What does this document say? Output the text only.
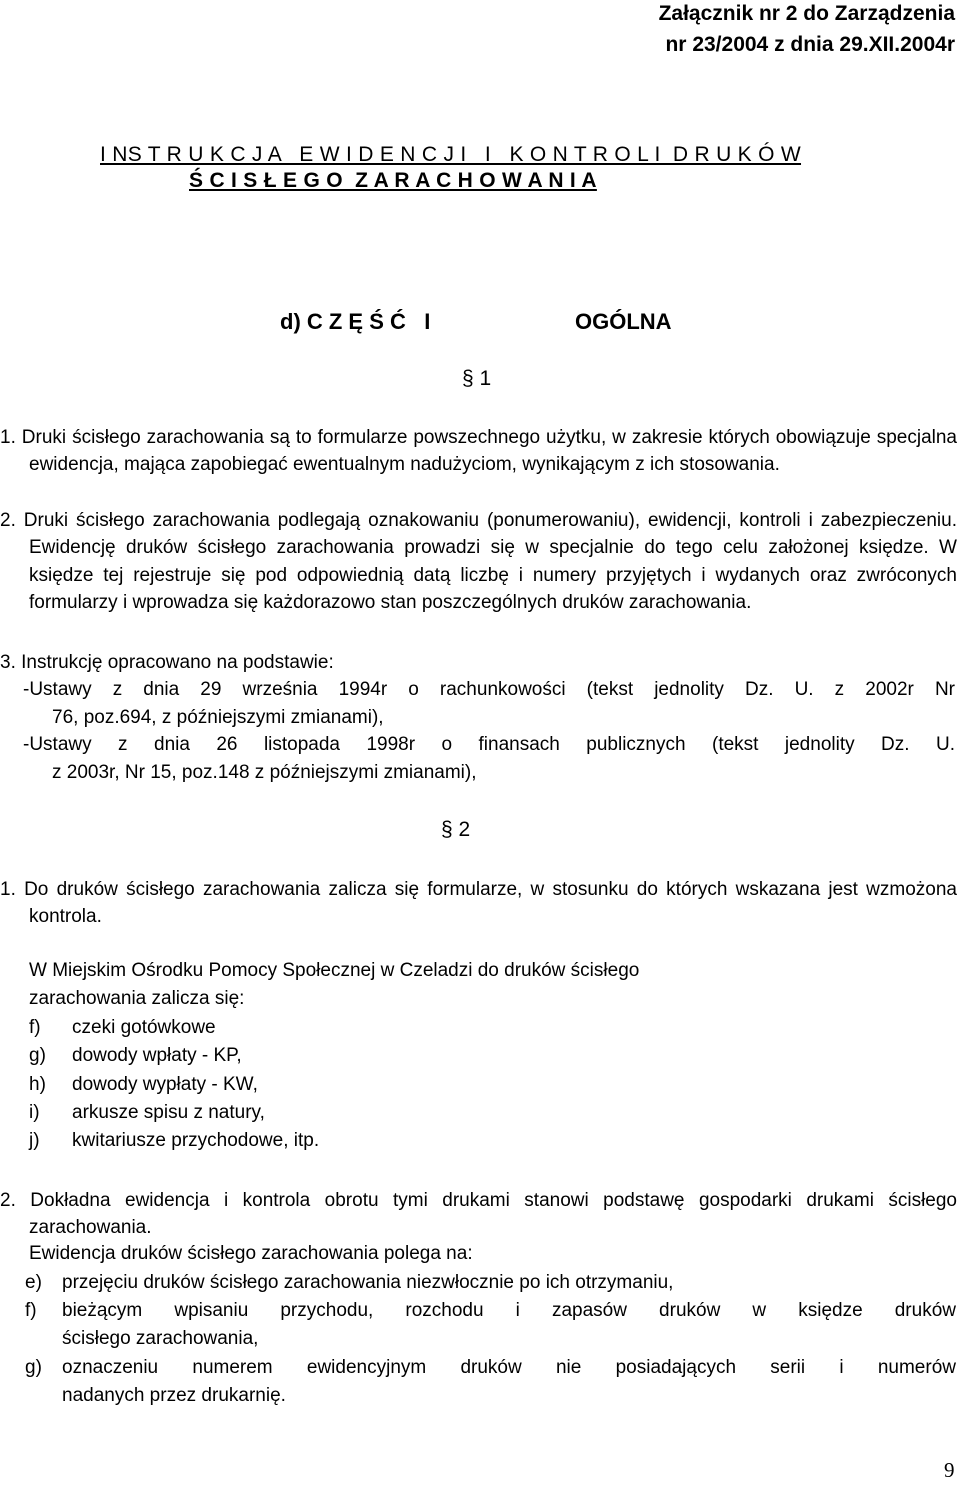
Załącznik nr 2 do Zarządzenia
nr 23/2004 z dnia 29.XII.2004r
I NS T R U K C J A   E W I D E N C J I   I   K O N T R O L I  D R U K Ó W
Ś C I S Ł E G O  Z A R A C H O W A N I A
d) C Z Ę Ś Ć   I	OGÓLNA
§ 1
1. Druki ścisłego zarachowania są to formularze powszechnego użytku, w zakresie których obowiązuje specjalna ewidencja, mająca zapobiegać ewentualnym nadużyciom, wynikającym z ich stosowania.
2. Druki ścisłego zarachowania podlegają oznakowaniu (ponumerowaniu), ewidencji, kontroli i zabezpieczeniu. Ewidencję druków ścisłego zarachowania prowadzi się w specjalnie do tego celu założonej księdze. W księdze tej rejestruje się pod odpowiednią datą liczbę i numery przyjętych i wydanych oraz zwróconych formularzy i wprowadza się każdorazowo stan poszczególnych druków zarachowania.
3. Instrukcję opracowano na podstawie:
-Ustawy z dnia 29 września 1994r o rachunkowości (tekst jednolity Dz. U. z 2002r Nr
76, poz.694, z późniejszymi zmianami),
-Ustawy z dnia 26 listopada 1998r o finansach publicznych (tekst jednolity Dz. U.
z 2003r, Nr 15, poz.148 z późniejszymi zmianami),
§ 2
1. Do druków ścisłego zarachowania zalicza się formularze, w stosunku do których wskazana jest wzmożona kontrola.
W Miejskim Ośrodku Pomocy Społecznej w Czeladzi do druków ścisłego
zarachowania zalicza się:
f) czeki gotówkowe
g) dowody wpłaty - KP,
h) dowody wypłaty - KW,
i) arkusze spisu z natury,
j) kwitariusze przychodowe, itp.
2. Dokładna ewidencja i kontrola obrotu tymi drukami stanowi podstawę gospodarki drukami ścisłego zarachowania.
Ewidencja druków ścisłego zarachowania polega na:
e) przejęciu druków ścisłego zarachowania niezwłocznie po ich otrzymaniu,
f) bieżącym wpisaniu przychodu, rozchodu i zapasów druków w księdze druków
ścisłego zarachowania,
g) oznaczeniu numerem ewidencyjnym druków nie posiadających serii i numerów
nadanych przez drukarnię.
9
